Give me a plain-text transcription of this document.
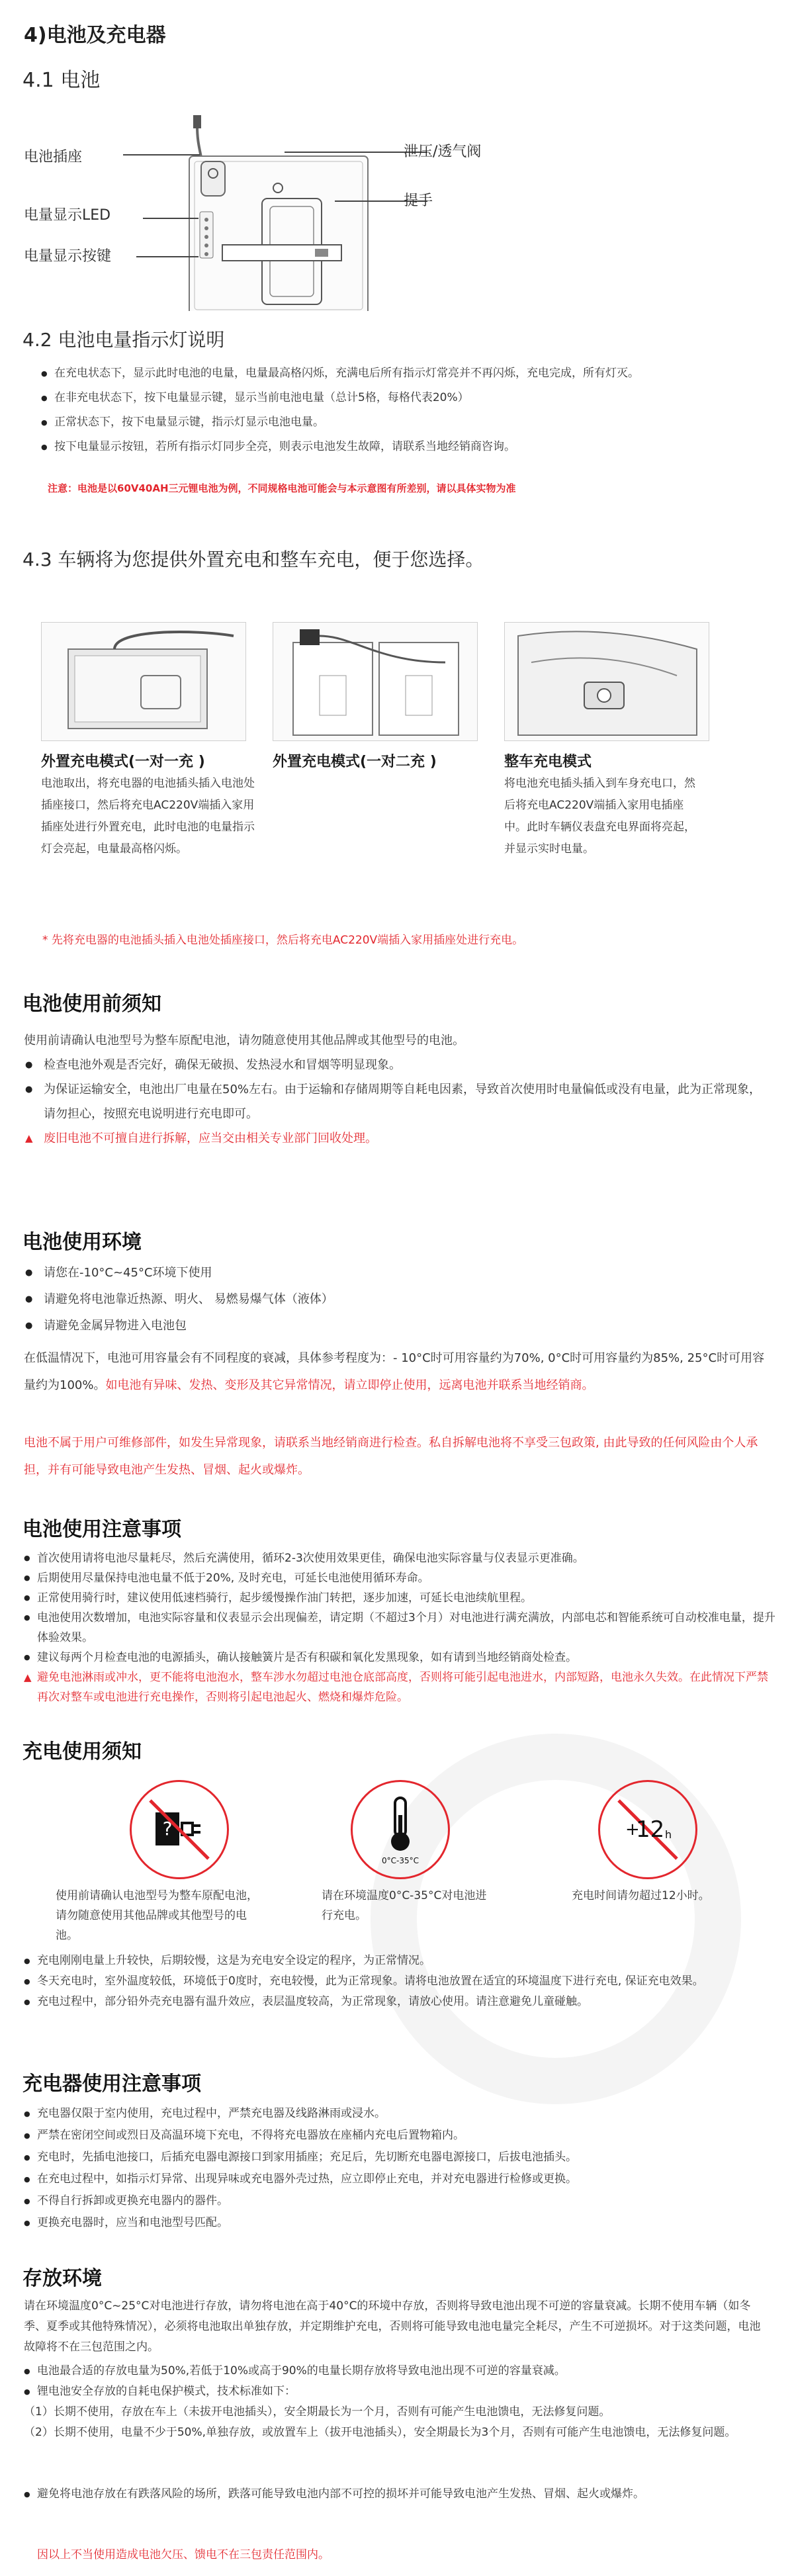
4)电池及充电器
4.1 电池
电池插座
电量显示LED
电量显示按键
泄压/透气阀
提手
4.2 电池电量指示灯说明
● 在充电状态下，显示此时电池的电量，电量最高格闪烁，充满电后所有指示灯常亮并不再闪烁，充电完成，所有灯灭。
● 在非充电状态下，按下电量显示键，显示当前电池电量（总计5格，每格代表20%）
● 正常状态下，按下电量显示键，指示灯显示电池电量。
● 按下电量显示按钮，若所有指示灯同步全亮，则表示电池发生故障，请联系当地经销商咨询。
注意：电池是以60V40AH三元锂电池为例，不同规格电池可能会与本示意图有所差别，请以具体实物为准
4.3 车辆将为您提供外置充电和整车充电，便于您选择。
外置充电模式(一对一充 )
电池取出，将充电器的电池插头插入电池处插座接口，然后将充电AC220V端插入家用插座处进行外置充电，此时电池的电量指示灯会亮起，电量最高格闪烁。
外置充电模式(一对二充 )	整车充电模式
将电池充电插头插入到车身充电口，然后将充电AC220V端插入家用电插座中。此时车辆仪表盘充电界面将亮起，并显示实时电量。
* 先将充电器的电池插头插入电池处插座接口，然后将充电AC220V端插入家用插座处进行充电。
电池使用前须知
使用前请确认电池型号为整车原配电池，请勿随意使用其他品牌或其他型号的电池。
● 检查电池外观是否完好，确保无破损、发热浸水和冒烟等明显现象。
● 为保证运输安全，电池出厂电量在50%左右。由于运输和存储周期等自耗电因素，导致首次使用时电量偏低或没有电量，此为正常现象，请勿担心，按照充电说明进行充电即可。
▲ 废旧电池不可擅自进行拆解，应当交由相关专业部门回收处理。
电池使用环境
● 请您在-10°C~45°C环境下使用
● 请避免将电池靠近热源、明火、 易燃易爆气体（液体）
● 请避免金属异物进入电池包
在低温情况下，电池可用容量会有不同程度的衰减，具体参考程度为：- 10°C时可用容量约为70%, 0°C时可用容量约为85%, 25°C时可用容量约为100%。如电池有异味、发热、变形及其它异常情况，请立即停止使用，远离电池并联系当地经销商。
电池不属于用户可维修部件，如发生异常现象，请联系当地经销商进行检查。私自拆解电池将不享受三包政策, 由此导致的任何风险由个人承担，并有可能导致电池产生发热、冒烟、起火或爆炸。
电池使用注意事项
● 首次使用请将电池尽量耗尽，然后充满使用，循环2-3次使用效果更佳，确保电池实际容量与仪表显示更准确。
● 后期使用尽量保持电池电量不低于20%, 及时充电，可延长电池使用循环寿命。
● 正常使用骑行时，建议使用低速档骑行，起步缓慢操作油门转把，逐步加速，可延长电池续航里程。
● 电池使用次数增加，电池实际容量和仪表显示会出现偏差，请定期（不超过3个月）对电池进行满充满放，内部电芯和智能系统可自动校准电量，提升体验效果。
● 建议每两个月检查电池的电源插头，确认接触簧片是否有积碳和氧化发黑现象，如有请到当地经销商处检查。
▲ 避免电池淋雨或冲水，更不能将电池泡水，整车涉水勿超过电池仓底部高度，否则将可能引起电池进水，内部短路，电池永久失效。在此情况下严禁再次对整车或电池进行充电操作，否则将引起电池起火、燃烧和爆炸危险。
充电使用须知
?
0°C-35°C
+
12 h
使用前请确认电池型号为整车原配电池，请勿随意使用其他品牌或其他型号的电池。
请在环境温度0°C-35°C对电池进行充电。
充电时间请勿超过12小时。
● 充电刚刚电量上升较快，后期较慢，这是为充电安全设定的程序，为正常情况。
● 冬天充电时，室外温度较低，环境低于0度时，充电较慢，此为正常现象。请将电池放置在适宜的环境温度下进行充电, 保证充电效果。
● 充电过程中，部分铅外壳充电器有温升效应，表层温度较高，为正常现象，请放心使用。请注意避免儿童碰触。
充电器使用注意事项
● 充电器仅限于室内使用，充电过程中，严禁充电器及线路淋雨或浸水。
● 严禁在密闭空间或烈日及高温环境下充电，不得将充电器放在座桶内充电后置物箱内。
● 充电时，先插电池接口，后插充电器电源接口到家用插座；充足后，先切断充电器电源接口，后拔电池插头。
● 在充电过程中，如指示灯异常、出现异味或充电器外壳过热，应立即停止充电，并对充电器进行检修或更换。
● 不得自行拆卸或更换充电器内的器件。
● 更换充电器时，应当和电池型号匹配。
存放环境
请在环境温度0°C~25°C对电池进行存放，请勿将电池在高于40°C的环境中存放，否则将导致电池出现不可逆的容量衰减。长期不使用车辆（如冬季、夏季或其他特殊情况），必须将电池取出单独存放，并定期维护充电，否则将可能导致电池电量完全耗尽，产生不可逆损坏。对于这类问题，电池故障将不在三包范围之内。
● 电池最合适的存放电量为50%,若低于10%或高于90%的电量长期存放将导致电池出现不可逆的容量衰减。
● 锂电池安全存放的自耗电保护模式，技术标准如下：
（1）长期不使用，存放在车上（未拔开电池插头），安全期最长为一个月，否则有可能产生电池馈电，无法修复问题。
（2）长期不使用，电量不少于50%,单独存放，或放置车上（拔开电池插头），安全期最长为3个月，否则有可能产生电池馈电，无法修复问题。
● 避免将电池存放在有跌落风险的场所，跌落可能导致电池内部不可控的损坏并可能导致电池产生发热、冒烟、起火或爆炸。
因以上不当使用造成电池欠压、馈电不在三包责任范围内。
